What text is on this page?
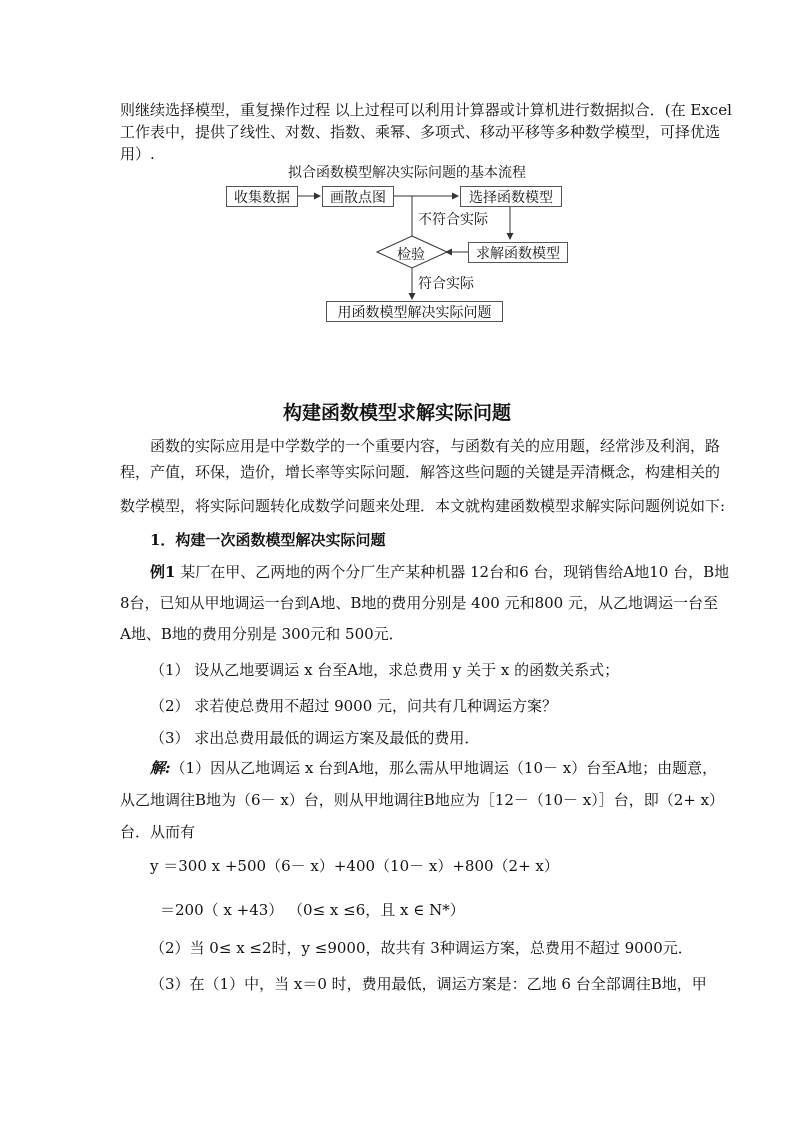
则继续选择模型，重复操作过程 以上过程可以利用计算器或计算机进行数据拟合．(在 Excel
工作表中，提供了线性、对数、指数、乘幂、多项式、移动平移等多种数学模型，可择优选
用）.
拟合函数模型解决实际问题的基本流程
收集数据	画散点图	选择函数模型
求解函数模型
检验
不符合实际
符合实际
用函数模型解决实际问题
构建函数模型求解实际问题
函数的实际应用是中学数学的一个重要内容，与函数有关的应用题，经常涉及利润，路
程，产值，环保，造价，增长率等实际问题．解答这些问题的关键是弄清概念，构建相关的
数学模型，将实际问题转化成数学问题来处理．本文就构建函数模型求解实际问题例说如下:
1．构建一次函数模型解决实际问题
例1 某厂在甲、乙两地的两个分厂生产某种机器 12台和6 台，现销售给A地10 台，B地
8台，已知从甲地调运一台到A地、B地的费用分别是 400 元和800 元，从乙地调运一台至
A地、B地的费用分别是 300元和 500元．
（1） 设从乙地要调运 x 台至A地，求总费用 y 关于 x 的函数关系式；
（2） 求若使总费用不超过 9000 元，问共有几种调运方案？
（3） 求出总费用最低的调运方案及最低的费用．
解:（1）因从乙地调运 x 台到A地，那么需从甲地调运（10－ x）台至A地；由题意，
从乙地调往B地为（6－ x）台，则从甲地调往B地应为［12－（10－ x）］台，即（2+ x）
台．从而有
y ＝300 x +500（6－ x）+400（10－ x）+800（2+ x）
＝200（ x +43） （0≤ x ≤6，且 x ∈ N*）
（2）当 0≤ x ≤2时，y ≤9000，故共有 3种调运方案，总费用不超过 9000元．
（3）在（1）中，当 x＝0 时，费用最低，调运方案是：乙地 6 台全部调往B地，甲
